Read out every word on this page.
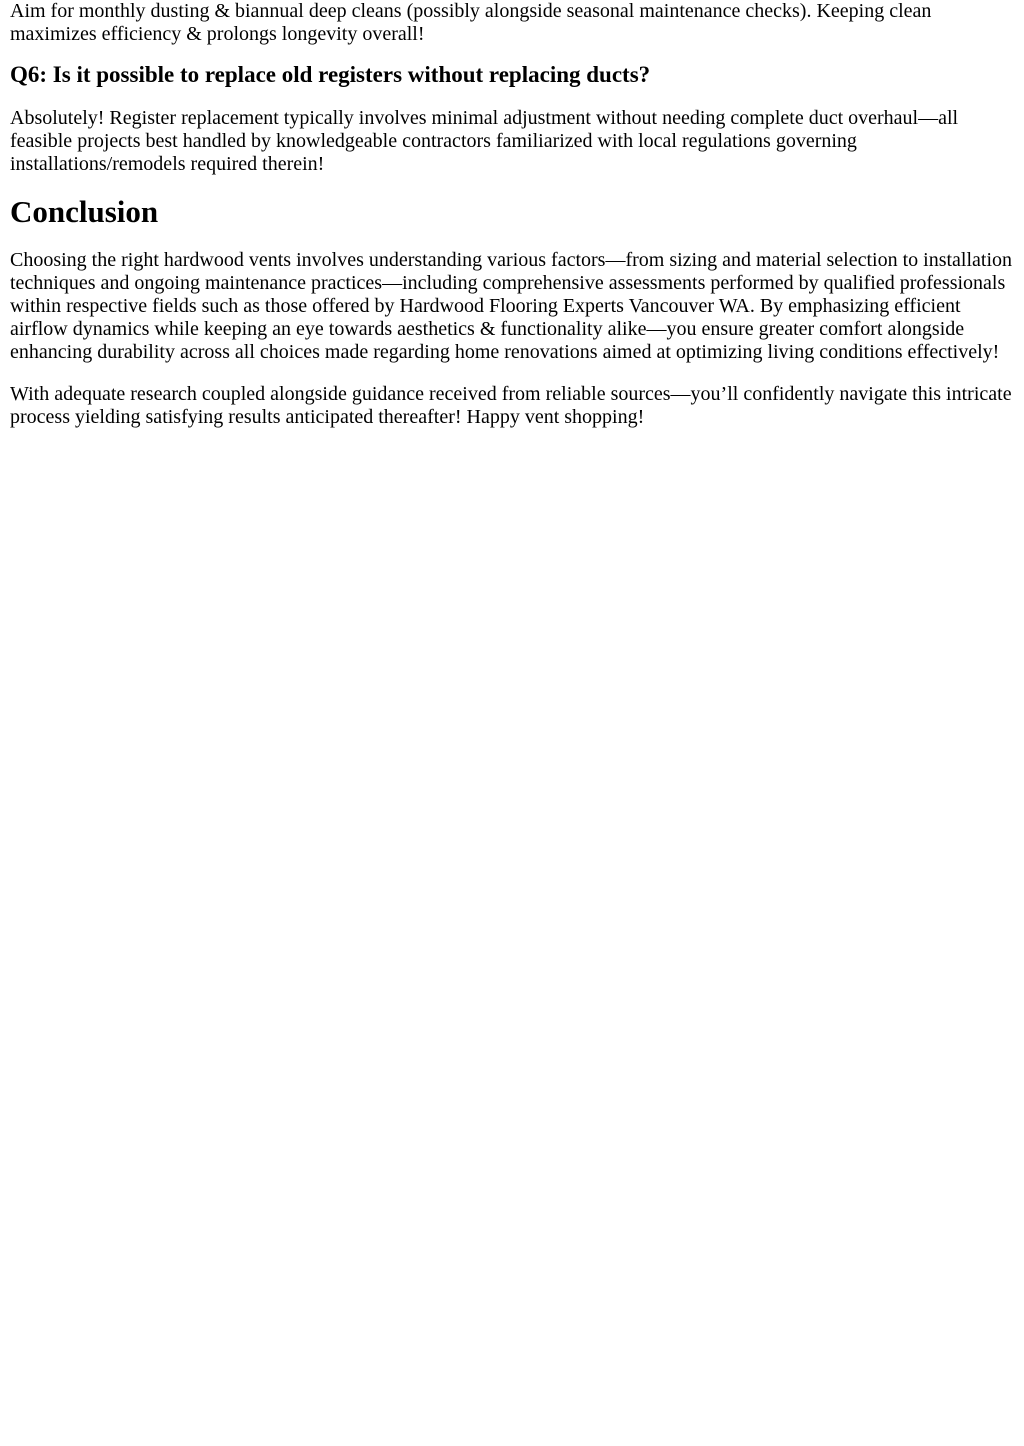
Aim for monthly dusting & biannual deep cleans (possibly alongside seasonal maintenance checks). Keeping clean maximizes efficiency & prolongs longevity overall!

Q6: Is it possible to replace old registers without replacing ducts?

Absolutely! Register replacement typically involves minimal adjustment without needing complete duct overhaul—all feasible projects best handled by knowledgeable contractors familiarized with local regulations governing installations/remodels required therein!

Conclusion

Choosing the right hardwood vents involves understanding various factors—from sizing and material selection to installation techniques and ongoing maintenance practices—including comprehensive assessments performed by qualified professionals within respective fields such as those offered by Hardwood Flooring Experts Vancouver WA. By emphasizing efficient airflow dynamics while keeping an eye towards aesthetics & functionality alike—you ensure greater comfort alongside enhancing durability across all choices made regarding home renovations aimed at optimizing living conditions effectively!

With adequate research coupled alongside guidance received from reliable sources—you’ll confidently navigate this intricate process yielding satisfying results anticipated thereafter! Happy vent shopping!
